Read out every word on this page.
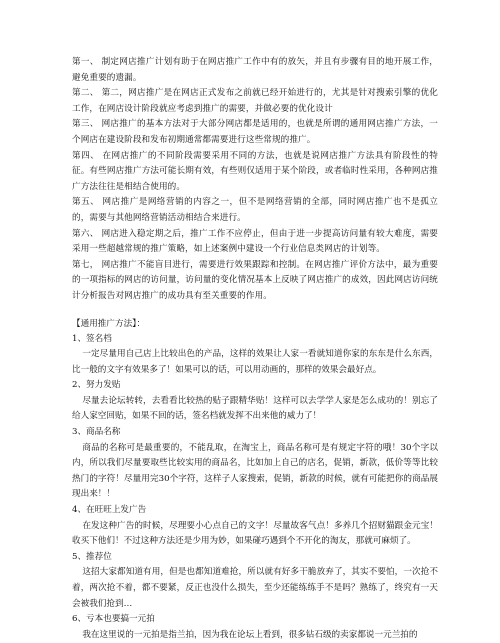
第一、 制定网店推广计划有助于在网店推广工作中有的放矢，并且有步骤有目的地开展工作，避免重要的遗漏。

第二、 第二，网店推广是在网店正式发布之前就已经开始进行的，尤其是针对搜索引擎的优化工作，在网店设计阶段就应考虑到推广的需要，并做必要的优化设计

第三、 网店推广的基本方法对于大部分网店都是适用的，也就是所谓的通用网店推广方法，一个网店在建设阶段和发布初期通常都需要进行这些常规的推广。

第四、 在网店推广的不同阶段需要采用不同的方法，也就是说网店推广方法具有阶段性的特征。有些网店推广方法可能长期有效，有些则仅适用于某个阶段，或者临时性采用，各种网店推广方法往往是相结合使用的。

第五、 网店推广是网络营销的内容之一，但不是网络营销的全部，同时网店推广也不是孤立的，需要与其他网络营销活动相结合来进行。

第六、 网店进入稳定期之后，推广工作不应停止，但由于进一步提高访问量有较大难度，需要采用一些超越常规的推广策略，如上述案例中建设一个行业信息类网店的计划等。

第七， 网店推广不能盲目进行，需要进行效果跟踪和控制。在网店推广评价方法中，最为重要的一项指标的网店的访问量，访问量的变化情况基本上反映了网店推广的成效，因此网店访问统计分析报告对网店推广的成功具有至关重要的作用。

【通用推广方法】：

1、签名档

一定尽量用自己店上比较出色的产品，这样的效果让人家一看就知道你家的东东是什么东西，比一般的文字有效果多了！如果可以的话，可以用动画的，那样的效果会最好点。

2、努力发贴

尽量去论坛转转，去看看比较热的贴子跟精华贴！这样可以去学学人家是怎么成功的！别忘了给人家空回贴，如果不回的话，签名档就发挥不出来他的威力了！

3、商品名称

商品的名称可是最重要的，不能乱取，在淘宝上，商品名称可是有规定字符的哦！30个字以内，所以我们尽量要取些比较实用的商品名，比如加上自己的店名，促销，新款，低价等等比较热门的字符！尽量用完30个字符，这样子人家搜索，促销，新款的时候，就有可能把你的商品展现出来！！

4、在旺旺上发广告

在发这种广告的时候，尽理要小心点自己的文字！尽量故客气点！多养几个招财猫跟金元宝！收买下他们！不过这种方法还是少用为妙，如果碰巧遇到个不开化的淘友，那就可麻烦了。

5、推荐位

这招大家都知道有用，但是也都知道难抢，所以就有好多干脆放弃了，其实不要怕，一次抢不着，两次抢不着，都不要紧，反正也没什么损失，至少还能练练手不是吗？熟练了，终究有一天会被我们抢到…

6、亏本也要搞一元拍

我在这里说的一元拍是指兰拍，因为我在论坛上看到，很多钻石级的卖家都说一元兰拍的
